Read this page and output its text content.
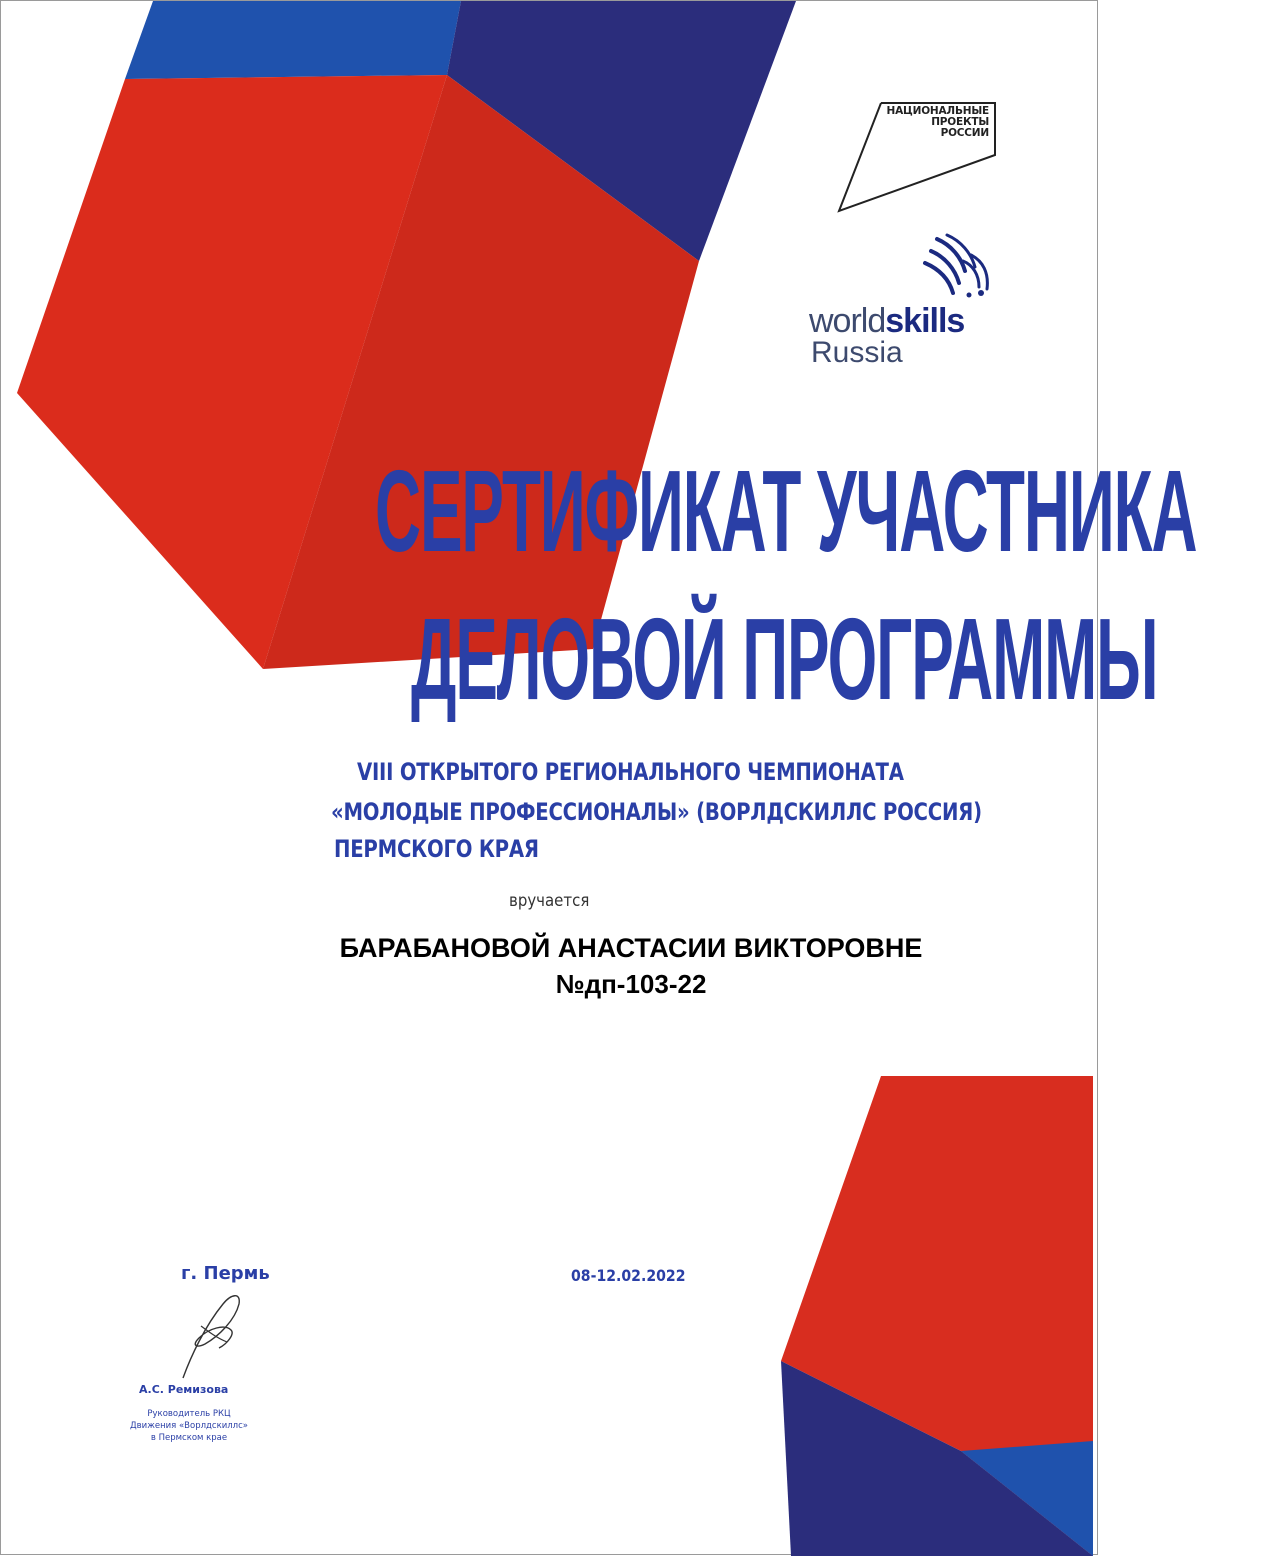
НАЦИОНАЛЬНЫЕ
ПРОЕКТЫ
РОССИИ
worldskills
Russia
СЕРТИФИКАТ УЧАСТНИКА
ДЕЛОВОЙ ПРОГРАММЫ
VIII ОТКРЫТОГО РЕГИОНАЛЬНОГО ЧЕМПИОНАТА
«МОЛОДЫЕ ПРОФЕССИОНАЛЫ» (ВОРЛДСКИЛЛС РОССИЯ)
ПЕРМСКОГО КРАЯ
вручается
БАРАБАНОВОЙ АНАСТАСИИ ВИКТОРОВНЕ
№дп-103-22
г. Пермь	08-12.02.2022
А.С. Ремизова
Руководитель РКЦ
Движения «Ворлдскиллс»
в Пермском крае
